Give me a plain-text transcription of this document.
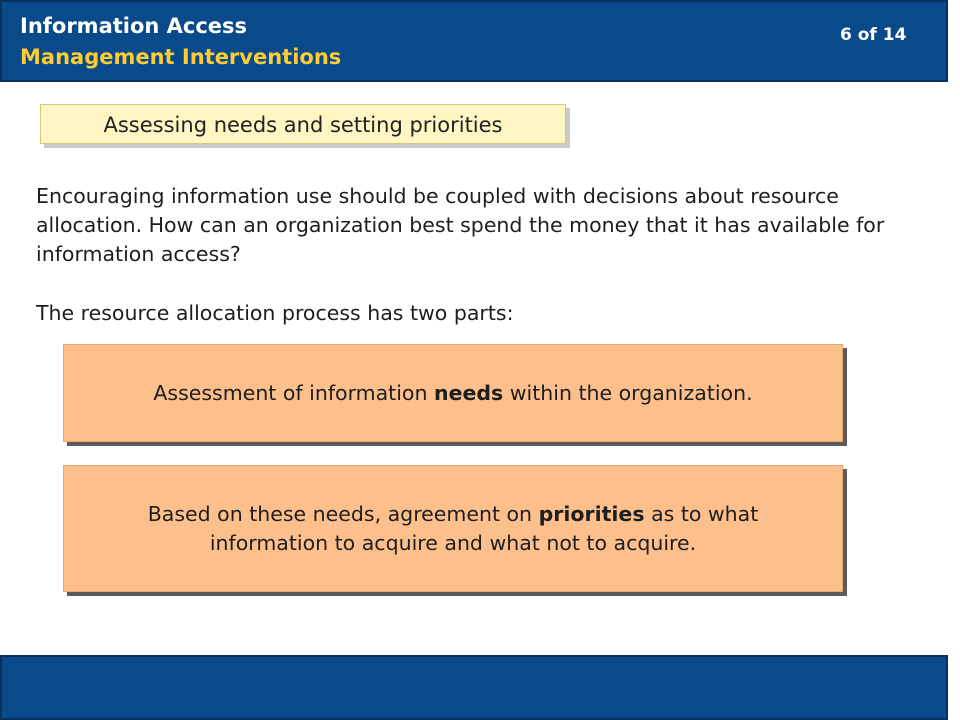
Information Access
Management Interventions
6 of 14
Assessing needs and setting priorities
Encouraging information use should be coupled with decisions about resource allocation. How can an organization best spend the money that it has available for information access?
The resource allocation process has two parts:
Assessment of information needs within the organization.
Based on these needs, agreement on priorities as to what information to acquire and what not to acquire.
